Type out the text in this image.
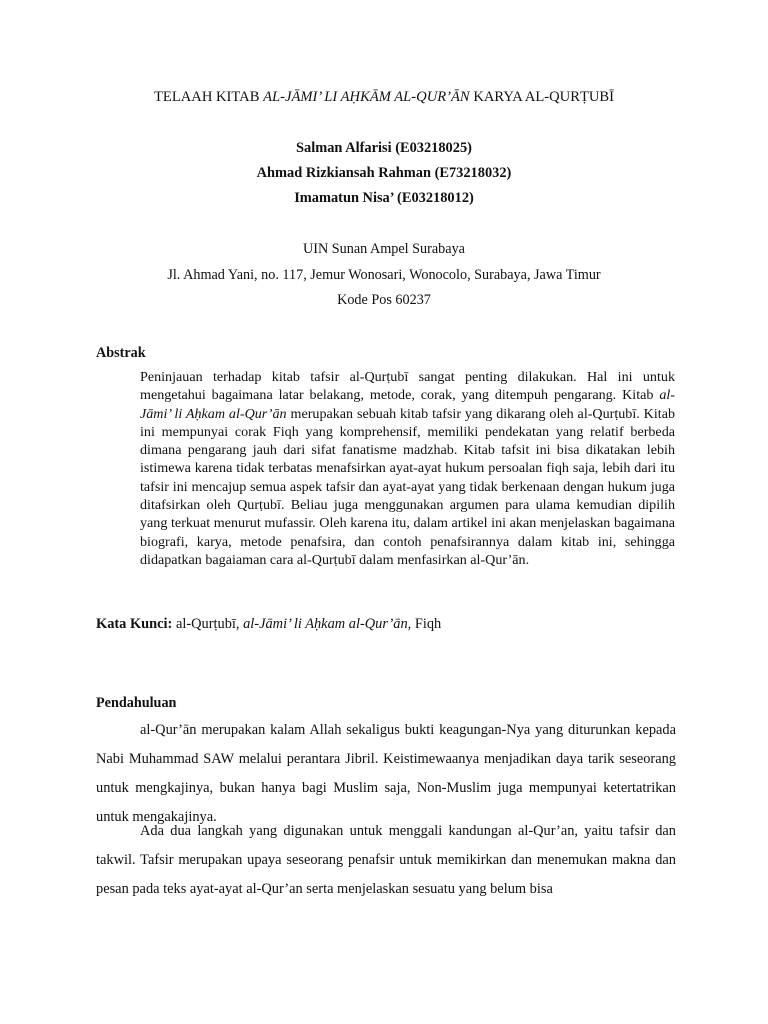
TELAAH KITAB AL-JĀMI’ LI AḤKĀM AL-QUR’ĀN KARYA AL-QURṬUBĪ
Salman Alfarisi (E03218025)
Ahmad Rizkiansah Rahman (E73218032)
Imamatun Nisa’ (E03218012)
UIN Sunan Ampel Surabaya
Jl. Ahmad Yani, no. 117, Jemur Wonosari, Wonocolo, Surabaya, Jawa Timur
Kode Pos 60237
Abstrak
Peninjauan terhadap kitab tafsir al-Qurṭubī sangat penting dilakukan. Hal ini untuk mengetahui bagaimana latar belakang, metode, corak, yang ditempuh pengarang. Kitab al-Jāmi’ li Aḥkam al-Qur’ān merupakan sebuah kitab tafsir yang dikarang oleh al-Qurṭubī. Kitab ini mempunyai corak Fiqh yang komprehensif, memiliki pendekatan yang relatif berbeda dimana pengarang jauh dari sifat fanatisme madzhab. Kitab tafsit ini bisa dikatakan lebih istimewa karena tidak terbatas menafsirkan ayat-ayat hukum persoalan fiqh saja, lebih dari itu tafsir ini mencajup semua aspek tafsir dan ayat-ayat yang tidak berkenaan dengan hukum juga ditafsirkan oleh Qurṭubī. Beliau juga menggunakan argumen para ulama kemudian dipilih yang terkuat menurut mufassir. Oleh karena itu, dalam artikel ini akan menjelaskan bagaimana biografi, karya, metode penafsira, dan contoh penafsirannya dalam kitab ini, sehingga didapatkan bagaiaman cara al-Qurṭubī dalam menfasirkan al-Qur’ān.
Kata Kunci: al-Qurṭubī, al-Jāmi’ li Aḥkam al-Qur’ān, Fiqh
Pendahuluan
al-Qur’ān merupakan kalam Allah sekaligus bukti keagungan-Nya yang diturunkan kepada Nabi Muhammad SAW melalui perantara Jibril. Keistimewaanya menjadikan daya tarik seseorang untuk mengkajinya, bukan hanya bagi Muslim saja, Non-Muslim juga mempunyai ketertatrikan untuk mengakajinya.
Ada dua langkah yang digunakan untuk menggali kandungan al-Qur’an, yaitu tafsir dan takwil. Tafsir merupakan upaya seseorang penafsir untuk memikirkan dan menemukan makna dan pesan pada teks ayat-ayat al-Qur’an serta menjelaskan sesuatu yang belum bisa
